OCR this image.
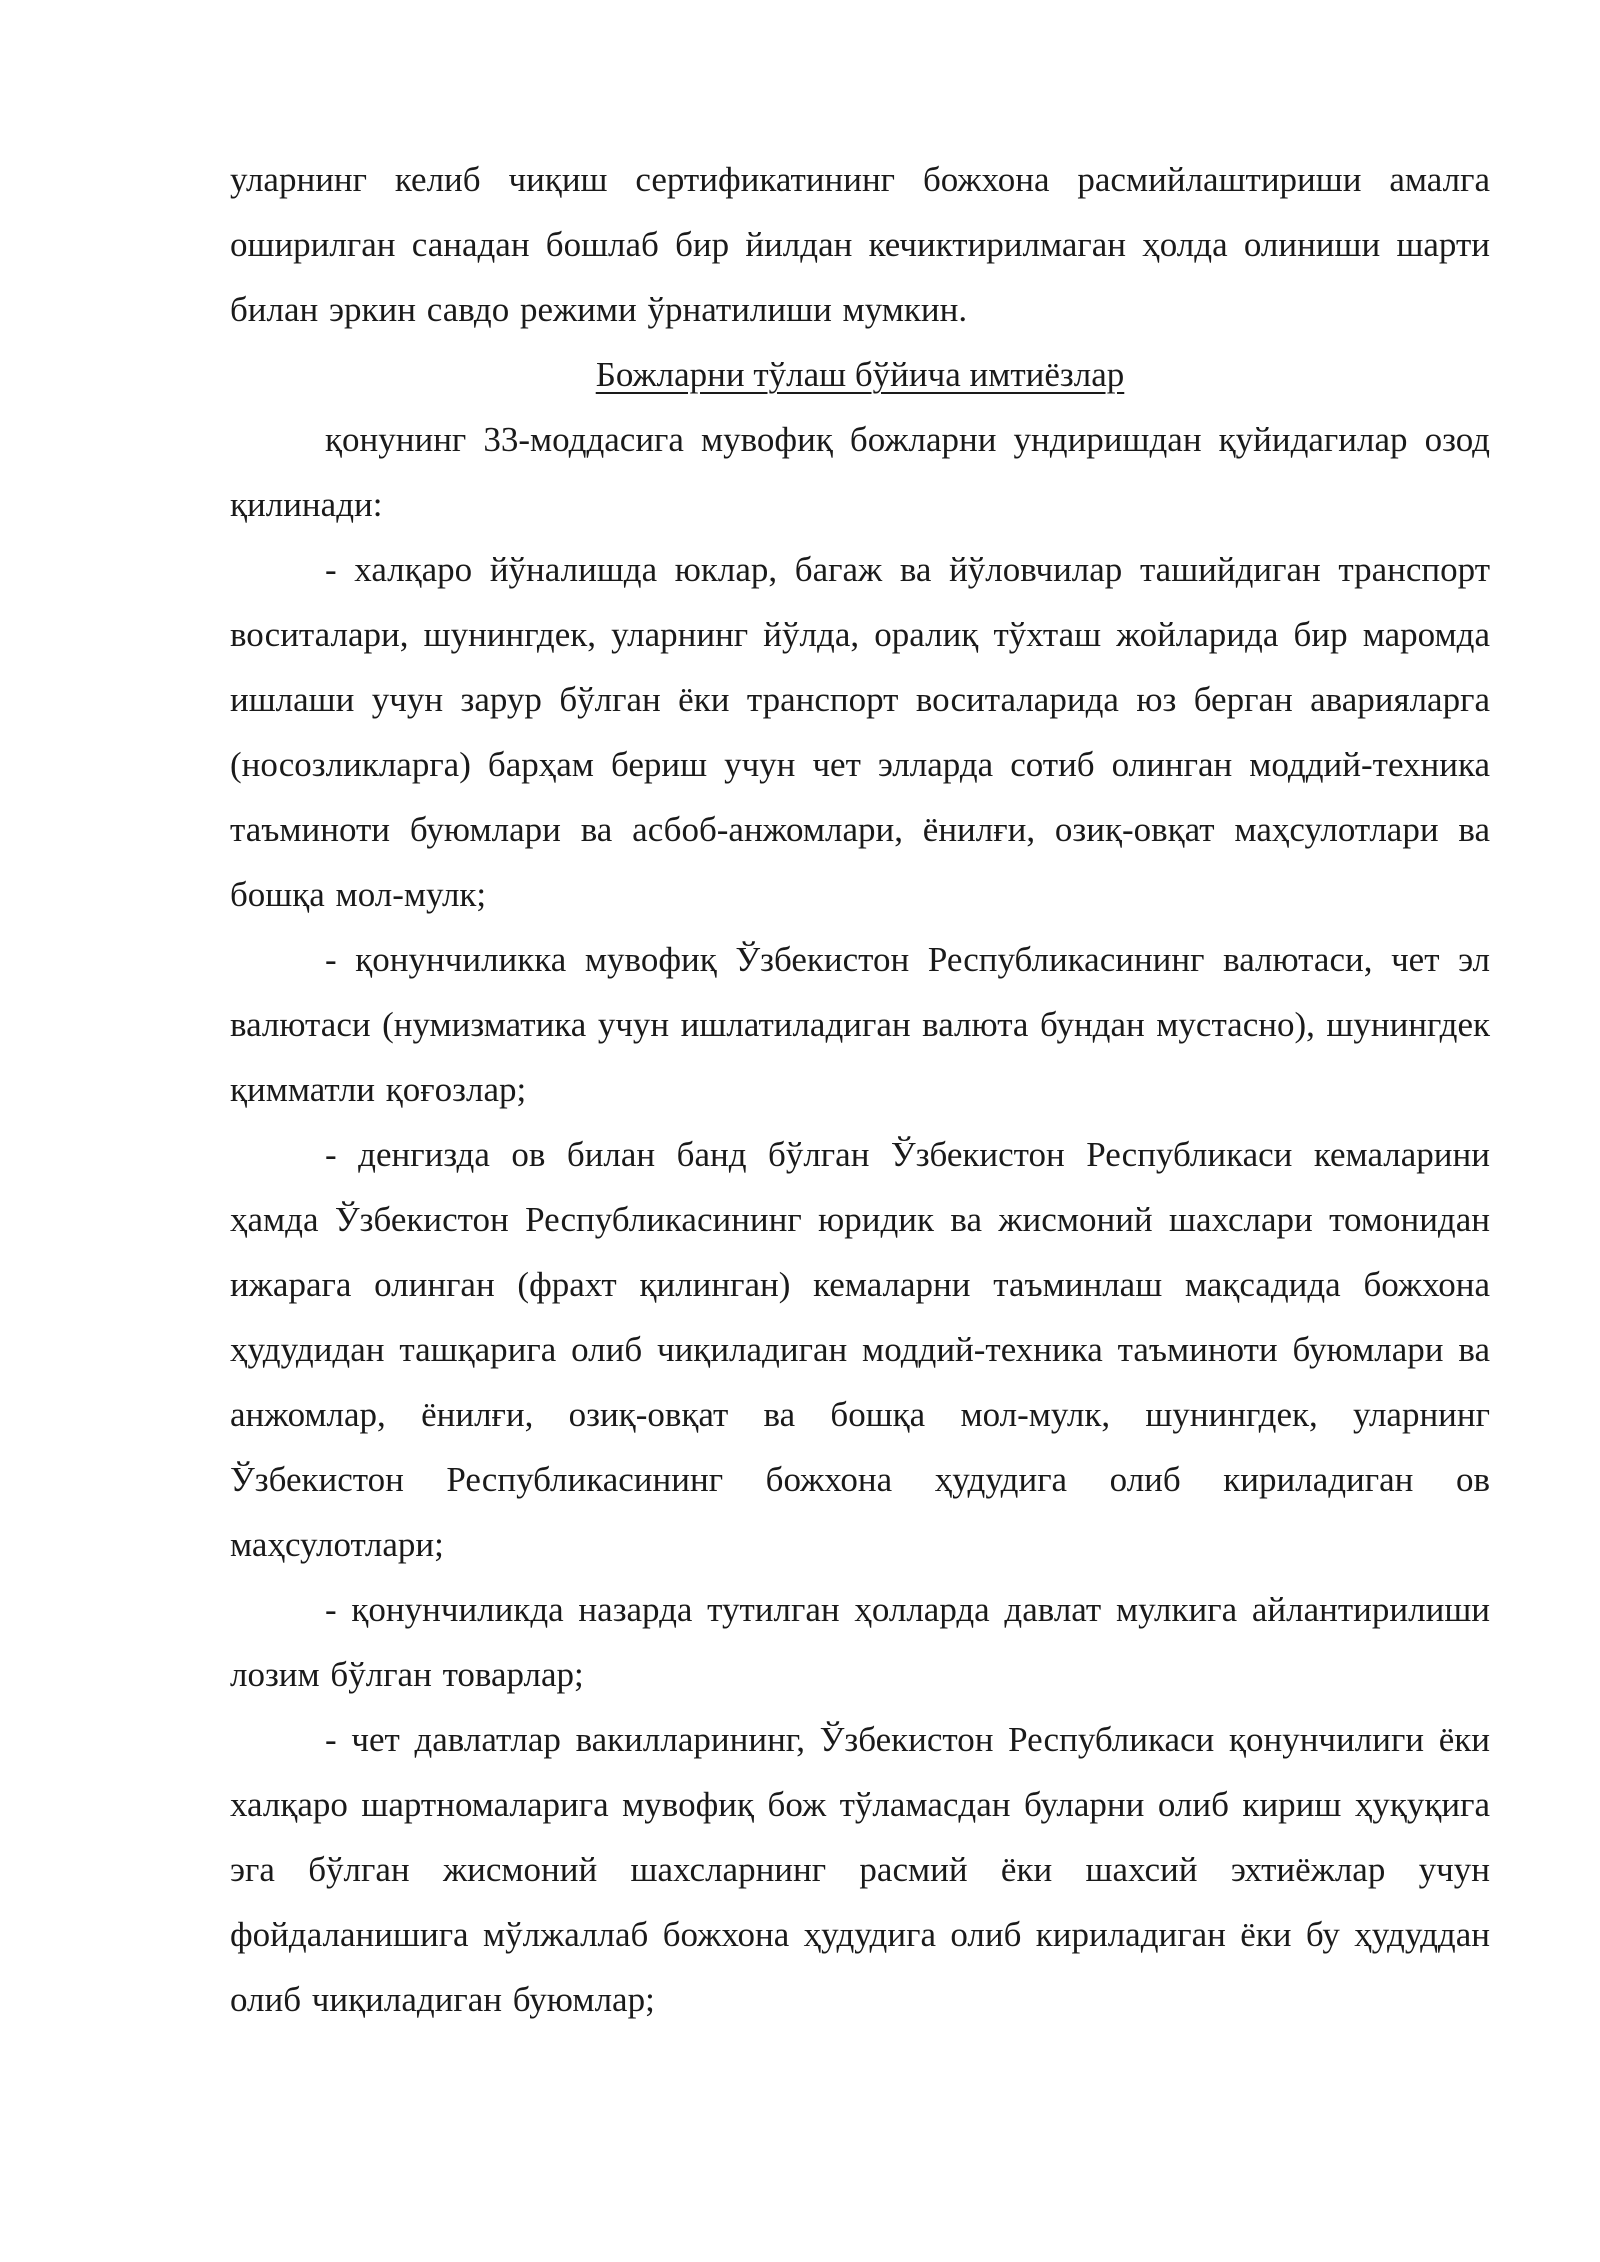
уларнинг келиб чиқиш сертификатининг божхона расмийлаштириши амалга оширилган санадан бошлаб бир йилдан кечиктирилмаган ҳолда олиниши шарти билан эркин савдо режими ўрнатилиши мумкин.

Божларни тўлаш бўйича имтиёзлар

қонунинг 33-моддасига мувофиқ божларни ундиришдан қуйидагилар озод қилинади:

- халқаро йўналишда юклар, багаж ва йўловчилар ташийдиган транспорт воситалари, шунингдек, уларнинг йўлда, оралиқ тўхташ жойларида бир маромда ишлаши учун зарур бўлган ёки транспорт воситаларида юз берган аварияларга (носозликларга) барҳам бериш учун чет элларда сотиб олинган моддий-техника таъминоти буюмлари ва асбоб-анжомлари, ёнилғи, озиқ-овқат маҳсулотлари ва бошқа мол-мулк;

- қонунчиликка мувофиқ Ўзбекистон Республикасининг валютаси, чет эл валютаси (нумизматика учун ишлатиладиган валюта бундан мустасно), шунингдек қимматли қоғозлар;

- денгизда ов билан банд бўлган Ўзбекистон Республикаси кемаларини ҳамда Ўзбекистон Республикасининг юридик ва жисмоний шахслари томонидан ижарага олинган (фрахт қилинган) кемаларни таъминлаш мақсадида божхона ҳудудидан ташқарига олиб чиқиладиган моддий-техника таъминоти буюмлари ва анжомлар, ёнилғи, озиқ-овқат ва бошқа мол-мулк, шунингдек, уларнинг Ўзбекистон Республикасининг божхона ҳудудига олиб кириладиган ов маҳсулотлари;

- қонунчиликда назарда тутилган ҳолларда давлат мулкига айлантирилиши лозим бўлган товарлар;

- чет давлатлар вакилларининг, Ўзбекистон Республикаси қонунчилиги ёки халқаро шартномаларига мувофиқ бож тўламасдан буларни олиб кириш ҳуқуқига эга бўлган жисмоний шахсларнинг расмий ёки шахсий эхтиёжлар учун фойдаланишига мўлжаллаб божхона ҳудудига олиб кириладиган ёки бу ҳудуддан олиб чиқиладиган буюмлар;
